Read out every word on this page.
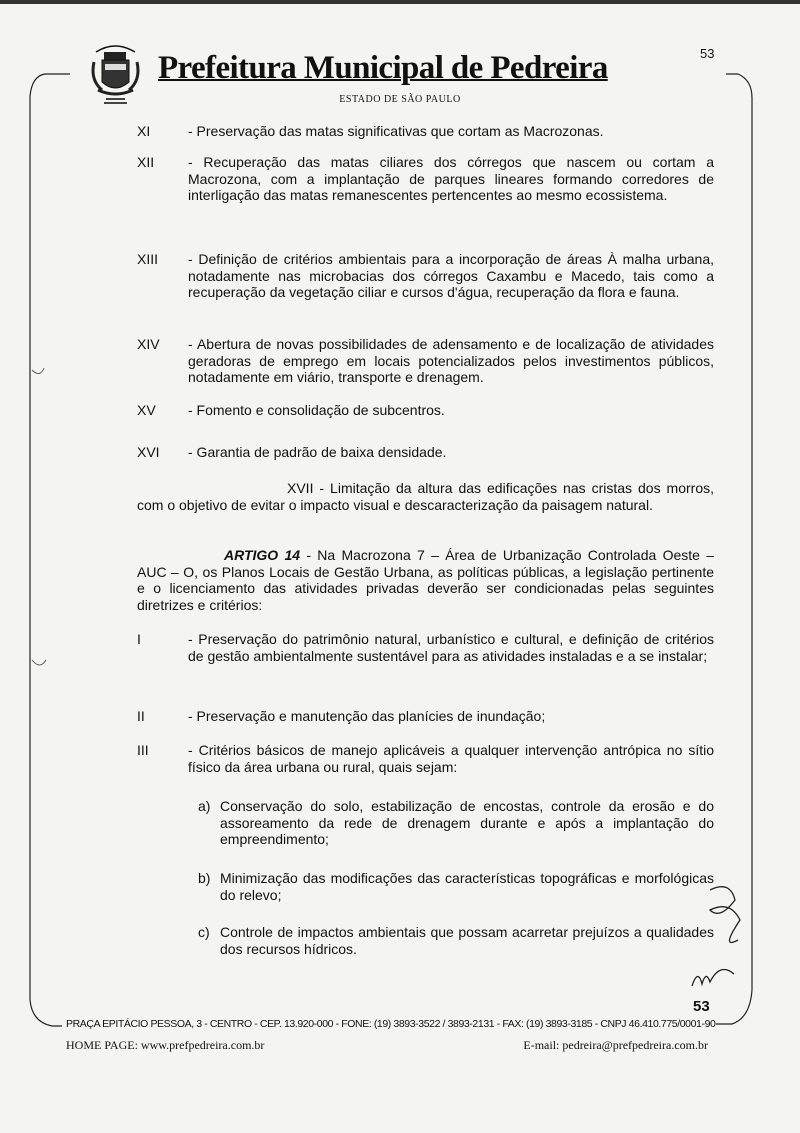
Prefeitura Municipal de Pedreira	53
ESTADO DE SÃO PAULO
XI	- Preservação das matas significativas que cortam as Macrozonas.
XII - Recuperação das matas ciliares dos córregos que nascem ou cortam a Macrozona, com a implantação de parques lineares formando corredores de interligação das matas remanescentes pertencentes ao mesmo ecossistema.
XIII - Definição de critérios ambientais para a incorporação de áreas À malha urbana, notadamente nas microbacias dos córregos Caxambu e Macedo, tais como a recuperação da vegetação ciliar e cursos d'água, recuperação da flora e fauna.
XIV - Abertura de novas possibilidades de adensamento e de localização de atividades geradoras de emprego em locais potencializados pelos investimentos públicos, notadamente em viário, transporte e drenagem.
XV - Fomento e consolidação de subcentros.
XVI - Garantia de padrão de baixa densidade.
XVII - Limitação da altura das edificações nas cristas dos morros, com o objetivo de evitar o impacto visual e descaracterização da paisagem natural.
ARTIGO 14 - Na Macrozona 7 – Área de Urbanização Controlada Oeste – AUC – O, os Planos Locais de Gestão Urbana, as políticas públicas, a legislação pertinente e o licenciamento das atividades privadas deverão ser condicionadas pelas seguintes diretrizes e critérios:
I	- Preservação do patrimônio natural, urbanístico e cultural, e definição de critérios de gestão ambientalmente sustentável para as atividades instaladas e a se instalar;
II	- Preservação e manutenção das planícies de inundação;
III	- Critérios básicos de manejo aplicáveis a qualquer intervenção antrópica no sítio físico da área urbana ou rural, quais sejam:
a) Conservação do solo, estabilização de encostas, controle da erosão e do assoreamento da rede de drenagem durante e após a implantação do empreendimento;
b) Minimização das modificações das características topográficas e morfológicas do relevo;
c) Controle de impactos ambientais que possam acarretar prejuízos a qualidades dos recursos hídricos.
PRAÇA EPITÁCIO PESSOA, 3 - CENTRO - CEP. 13.920-000 - FONE: (19) 3893-3522 / 3893-2131 - FAX: (19) 3893-3185 - CNPJ 46.410.775/0001-90
53
HOME PAGE: www.prefpedreira.com.br	E-mail: pedreira@prefpedreira.com.br
